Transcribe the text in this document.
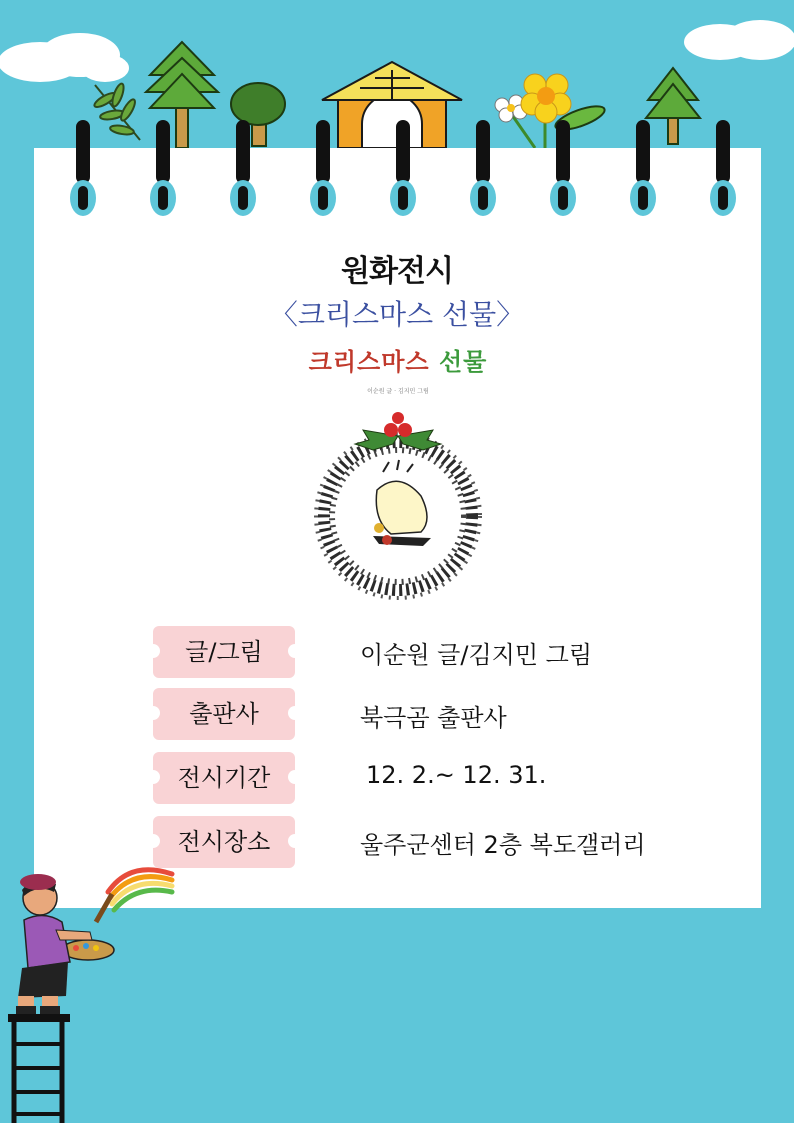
원화전시
〈크리스마스 선물〉
크리스마스 선물
이순원 글 · 김지민 그림
글/그림	이순원 글/김지민 그림
출판사	북극곰 출판사
전시기간	12. 2.~ 12. 31.
전시장소	울주군센터 2층 복도갤러리
